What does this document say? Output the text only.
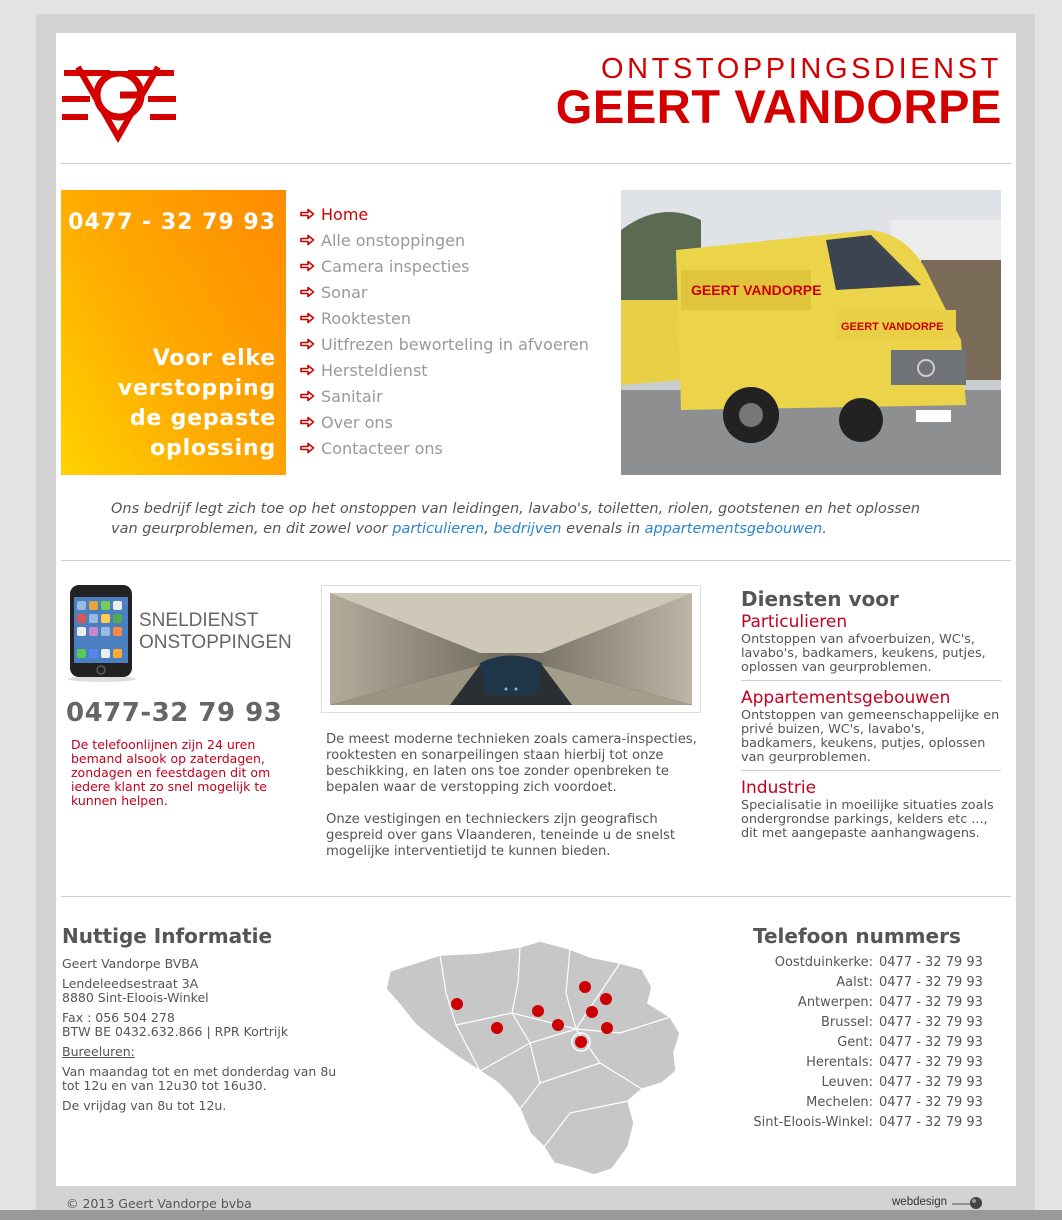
ONTSTOPPINGSDIENST
GEERT VANDORPE
0477 - 32 79 93
Voor elke
verstopping
de gepaste
oplossing
Home
Alle onstoppingen
Camera inspecties
Sonar
Rooktesten
Uitfrezen beworteling in afvoeren
Hersteldienst
Sanitair
Over ons
Contacteer ons
GEERT VANDORPE
GEERT VANDORPE
Ons bedrijf legt zich toe op het onstoppen van leidingen, lavabo's, toiletten, riolen, gootstenen en het oplossen van geurproblemen, en dit zowel voor particulieren, bedrijven evenals in appartementsgebouwen.
SNELDIENST
ONSTOPPINGEN
0477-32 79 93
De telefoonlijnen zijn 24 uren bemand alsook op zaterdagen, zondagen en feestdagen dit om iedere klant zo snel mogelijk te kunnen helpen.

De meest moderne technieken zoals camera-inspecties, rooktesten en sonarpeilingen staan hierbij tot onze beschikking, en laten ons toe zonder openbreken te bepalen waar de verstopping zich voordoet.

Onze vestigingen en technieckers zijn geografisch gespreid over gans Vlaanderen, teneinde u de snelst mogelijke interventietijd te kunnen bieden.

Diensten voor
Particulieren
Ontstoppen van afvoerbuizen, WC's, lavabo's, badkamers, keukens, putjes, oplossen van geurproblemen.
Appartementsgebouwen
Ontstoppen van gemeenschappelijke en privé buizen, WC's, lavabo's, badkamers, keukens, putjes, oplossen van geurproblemen.
Industrie
Specialisatie in moeilijke situaties zoals ondergrondse parkings, kelders etc ..., dit met aangepaste aanhangwagens.
Nuttige Informatie

Geert Vandorpe BVBA

Lendeleedsestraat 3A

8880 Sint-Eloois-Winkel

Fax : 056 504 278

BTW BE 0432.632.866 | RPR Kortrijk

Bureeluren:

Van maandag tot en met donderdag van 8u tot 12u en van 12u30 tot 16u30.

De vrijdag van 8u tot 12u.

Telefoon nummers
Oostduinkerke:	0477 - 32 79 93
Aalst:	0477 - 32 79 93
Antwerpen:	0477 - 32 79 93
Brussel:	0477 - 32 79 93
Gent:	0477 - 32 79 93
Herentals:	0477 - 32 79 93
Leuven:	0477 - 32 79 93
Mechelen:	0477 - 32 79 93
Sint-Eloois-Winkel:	0477 - 32 79 93
© 2013 Geert Vandorpe bvba	webdesign
